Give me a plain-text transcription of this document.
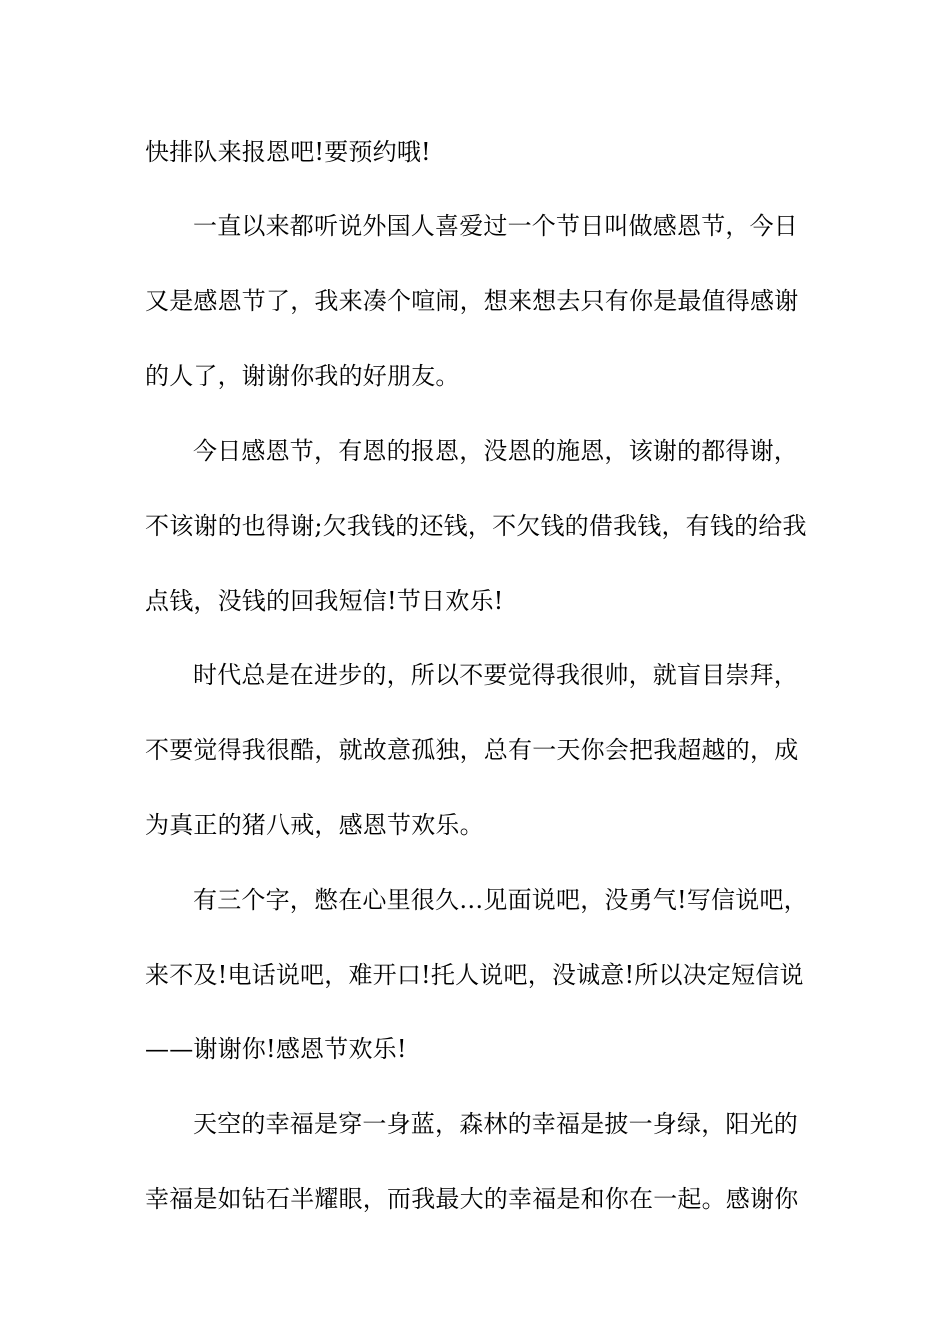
快排队来报恩吧!要预约哦!
一直以来都听说外国人喜爱过一个节日叫做感恩节，今日
又是感恩节了，我来凑个喧闹，想来想去只有你是最值得感谢
的人了，谢谢你我的好朋友。
今日感恩节，有恩的报恩，没恩的施恩，该谢的都得谢，
不该谢的也得谢;欠我钱的还钱，不欠钱的借我钱，有钱的给我
点钱，没钱的回我短信!节日欢乐!
时代总是在进步的，所以不要觉得我很帅，就盲目崇拜，
不要觉得我很酷，就故意孤独，总有一天你会把我超越的，成
为真正的猪八戒，感恩节欢乐。
有三个字，憋在心里很久…见面说吧，没勇气!写信说吧，
来不及!电话说吧，难开口!托人说吧，没诚意!所以决定短信说
——谢谢你!感恩节欢乐!
天空的幸福是穿一身蓝，森林的幸福是披一身绿，阳光的
幸福是如钻石半耀眼，而我最大的幸福是和你在一起。感谢你
